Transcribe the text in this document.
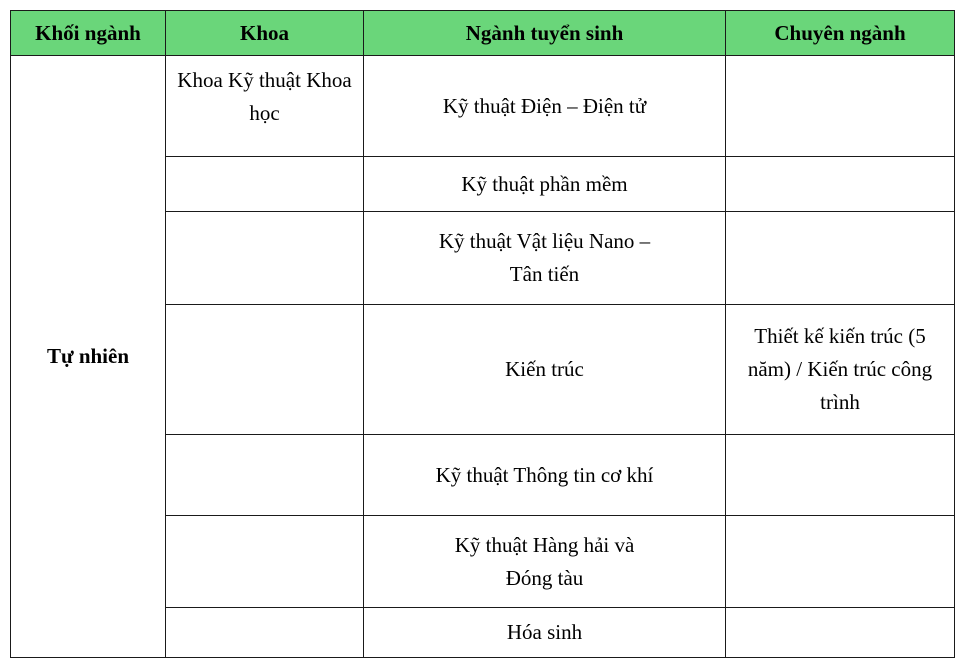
Khối ngành	Khoa	Ngành tuyển sinh	Chuyên ngành
Tự nhiên	Khoa Kỹ thuật Khoa học	Kỹ thuật Điện – Điện tử	
		Kỹ thuật phần mềm	
		Kỹ thuật Vật liệu Nano – Tân tiến	
		Kiến trúc	Thiết kế kiến trúc (5 năm) / Kiến trúc công trình
		Kỹ thuật Thông tin cơ khí	
		Kỹ thuật Hàng hải và Đóng tàu	
		Hóa sinh	
